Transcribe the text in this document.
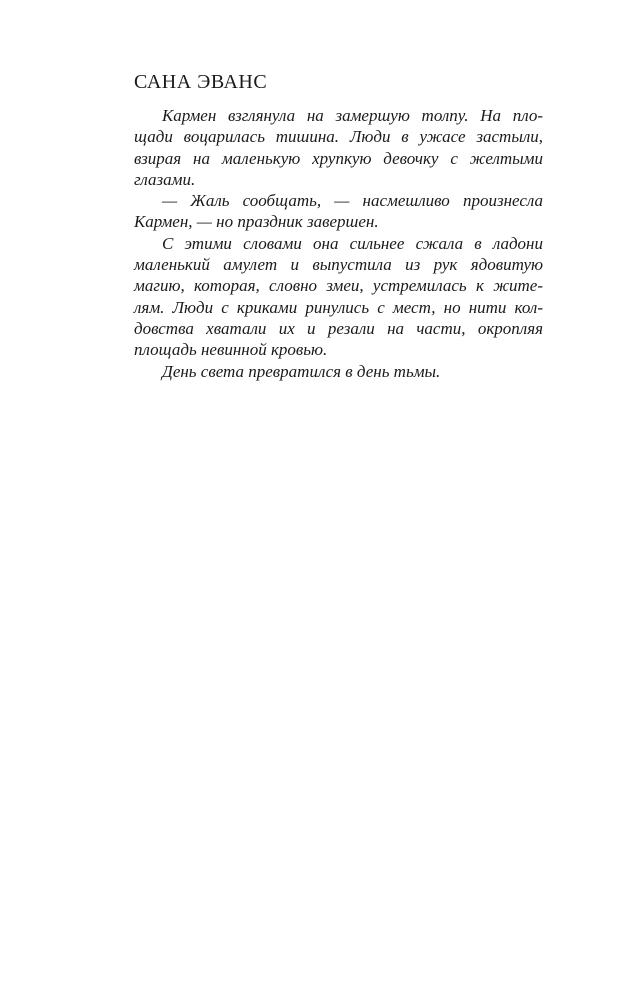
САНА ЭВАНС
Кармен взглянула на замершую толпу. На пло-
щади воцарилась тишина. Люди в ужасе застыли,
взирая на маленькую хрупкую девочку с желтыми
глазами.
— Жаль сообщать, — насмешливо произнесла
Кармен, — но праздник завершен.
С этими словами она сильнее сжала в ладони
маленький амулет и выпустила из рук ядовитую
магию, которая, словно змеи, устремилась к жите-
лям. Люди с криками ринулись с мест, но нити кол-
довства хватали их и резали на части, окропляя
площадь невинной кровью.
День света превратился в день тьмы.
